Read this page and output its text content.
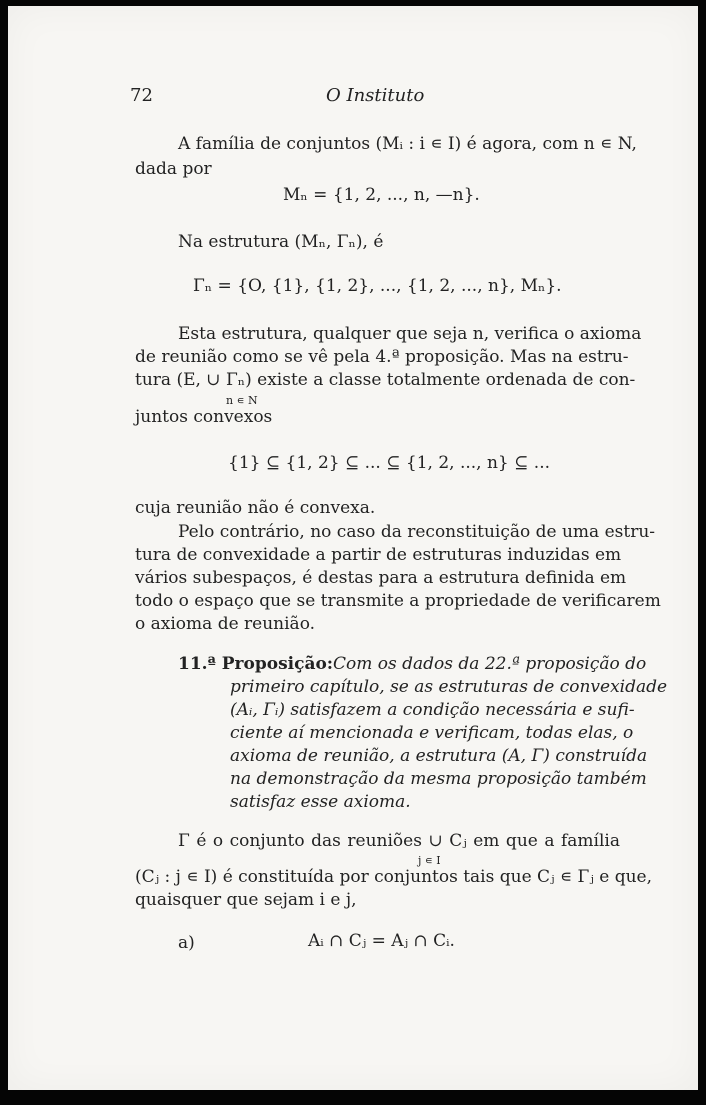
72	O Instituto
A família de conjuntos (Mᵢ : i ∊ I) é agora, com n ∊ N,
dada por
Mₙ = {1, 2, ..., n, —n}.
Na estrutura (Mₙ, Γₙ), é
Γₙ = {O, {1}, {1, 2}, ..., {1, 2, ..., n}, Mₙ}.
Esta estrutura, qualquer que seja n, verifica o axioma
de reunião como se vê pela 4.ª proposição. Mas na estru-
tura (E, ∪ Γₙ) existe a classe totalmente ordenada de con-
n ∊ N
juntos convexos
{1} ⊆ {1, 2} ⊆ ... ⊆ {1, 2, ..., n} ⊆ ...
cuja reunião não é convexa.
Pelo contrário, no caso da reconstituição de uma estru-
tura de convexidade a partir de estruturas induzidas em
vários subespaços, é destas para a estrutura definida em
todo o espaço que se transmite a propriedade de verificarem
o axioma de reunião.
11.ª Proposição: Com os dados da 22.ª proposição do
primeiro capítulo, se as estruturas de convexidade
(Aᵢ, Γᵢ) satisfazem a condição necessária e sufi-
ciente aí mencionada e verificam, todas elas, o
axioma de reunião, a estrutura (A, Γ) construída
na demonstração da mesma proposição também
satisfaz esse axioma.
Γ é o conjunto das reuniões ∪ Cⱼ em que a família
j ∊ I
(Cⱼ : j ∊ I) é constituída por conjuntos tais que Cⱼ ∊ Γⱼ e que,
quaisquer que sejam i e j,
a)	Aᵢ ∩ Cⱼ = Aⱼ ∩ Cᵢ.
